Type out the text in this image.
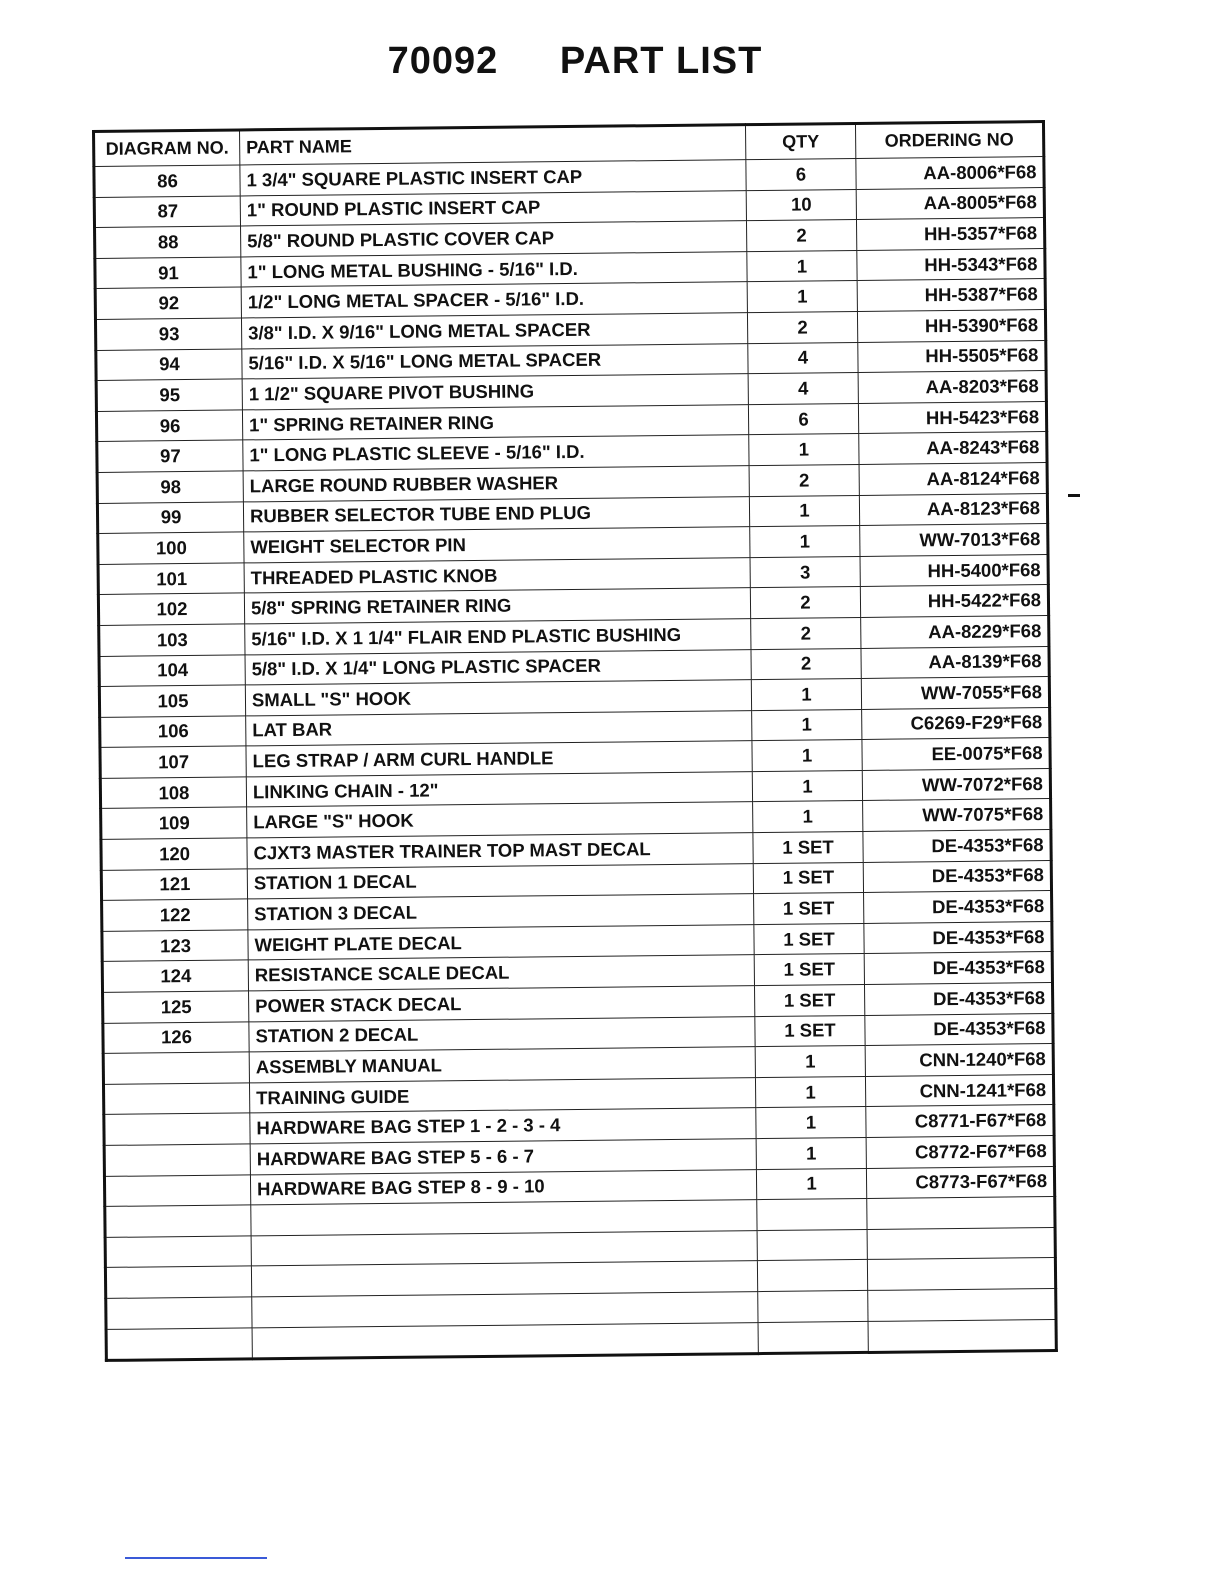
70092 PART LIST
DIAGRAM NO.	PART NAME	QTY	ORDERING NO
86	1 3/4" SQUARE PLASTIC INSERT CAP	6	AA-8006*F68
87	1" ROUND PLASTIC INSERT CAP	10	AA-8005*F68
88	5/8" ROUND PLASTIC COVER CAP	2	HH-5357*F68
91	1" LONG METAL BUSHING - 5/16" I.D.	1	HH-5343*F68
92	1/2" LONG METAL SPACER - 5/16" I.D.	1	HH-5387*F68
93	3/8" I.D. X 9/16" LONG METAL SPACER	2	HH-5390*F68
94	5/16" I.D. X 5/16" LONG METAL SPACER	4	HH-5505*F68
95	1 1/2" SQUARE PIVOT BUSHING	4	AA-8203*F68
96	1" SPRING RETAINER RING	6	HH-5423*F68
97	1" LONG PLASTIC SLEEVE - 5/16" I.D.	1	AA-8243*F68
98	LARGE ROUND RUBBER WASHER	2	AA-8124*F68
99	RUBBER SELECTOR TUBE END PLUG	1	AA-8123*F68
100	WEIGHT SELECTOR PIN	1	WW-7013*F68
101	THREADED PLASTIC KNOB	3	HH-5400*F68
102	5/8" SPRING RETAINER RING	2	HH-5422*F68
103	5/16" I.D. X 1 1/4" FLAIR END PLASTIC BUSHING	2	AA-8229*F68
104	5/8" I.D. X 1/4" LONG PLASTIC SPACER	2	AA-8139*F68
105	SMALL "S" HOOK	1	WW-7055*F68
106	LAT BAR	1	C6269-F29*F68
107	LEG STRAP / ARM CURL HANDLE	1	EE-0075*F68
108	LINKING CHAIN - 12"	1	WW-7072*F68
109	LARGE "S" HOOK	1	WW-7075*F68
120	CJXT3 MASTER TRAINER TOP MAST DECAL	1 SET	DE-4353*F68
121	STATION 1 DECAL	1 SET	DE-4353*F68
122	STATION 3 DECAL	1 SET	DE-4353*F68
123	WEIGHT PLATE DECAL	1 SET	DE-4353*F68
124	RESISTANCE SCALE DECAL	1 SET	DE-4353*F68
125	POWER STACK DECAL	1 SET	DE-4353*F68
126	STATION 2 DECAL	1 SET	DE-4353*F68
	ASSEMBLY MANUAL	1	CNN-1240*F68
	TRAINING GUIDE	1	CNN-1241*F68
	HARDWARE BAG STEP 1 - 2 - 3 - 4	1	C8771-F67*F68
	HARDWARE BAG STEP 5 - 6 - 7	1	C8772-F67*F68
	HARDWARE BAG STEP 8 - 9 - 10	1	C8773-F67*F68
